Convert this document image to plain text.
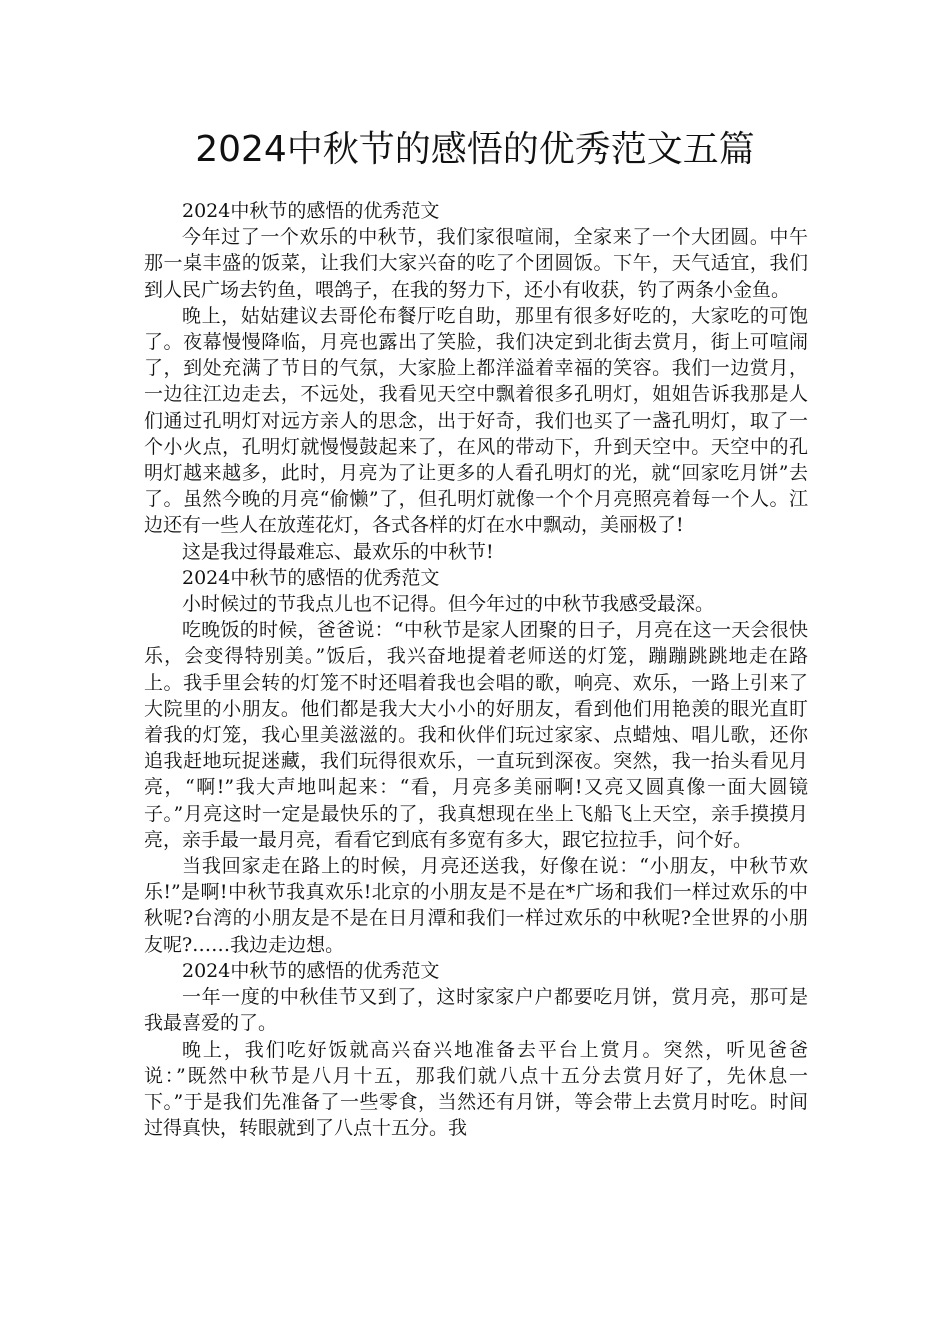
2024中秋节的感悟的优秀范文五篇

2024中秋节的感悟的优秀范文

今年过了一个欢乐的中秋节，我们家很喧闹，全家来了一个大团圆。中午那一桌丰盛的饭菜，让我们大家兴奋的吃了个团圆饭。下午，天气适宜，我们到人民广场去钓鱼，喂鸽子，在我的努力下，还小有收获，钓了两条小金鱼。

晚上，姑姑建议去哥伦布餐厅吃自助，那里有很多好吃的，大家吃的可饱了。夜幕慢慢降临，月亮也露出了笑脸，我们决定到北街去赏月，街上可喧闹了，到处充满了节日的气氛，大家脸上都洋溢着幸福的笑容。我们一边赏月，一边往江边走去，不远处，我看见天空中飘着很多孔明灯，姐姐告诉我那是人们通过孔明灯对远方亲人的思念，出于好奇，我们也买了一盏孔明灯，取了一个小火点，孔明灯就慢慢鼓起来了，在风的带动下，升到天空中。天空中的孔明灯越来越多，此时，月亮为了让更多的人看孔明灯的光，就“回家吃月饼”去了。虽然今晚的月亮“偷懒”了，但孔明灯就像一个个月亮照亮着每一个人。江边还有一些人在放莲花灯，各式各样的灯在水中飘动，美丽极了!

这是我过得最难忘、最欢乐的中秋节!

2024中秋节的感悟的优秀范文

小时候过的节我点儿也不记得。但今年过的中秋节我感受最深。

吃晚饭的时候，爸爸说：“中秋节是家人团聚的日子，月亮在这一天会很快乐，会变得特别美。”饭后，我兴奋地提着老师送的灯笼，蹦蹦跳跳地走在路上。我手里会转的灯笼不时还唱着我也会唱的歌，响亮、欢乐，一路上引来了大院里的小朋友。他们都是我大大小小的好朋友，看到他们用艳羡的眼光直盯着我的灯笼，我心里美滋滋的。我和伙伴们玩过家家、点蜡烛、唱儿歌，还你追我赶地玩捉迷藏，我们玩得很欢乐，一直玩到深夜。突然，我一抬头看见月亮，“啊!”我大声地叫起来：“看，月亮多美丽啊!又亮又圆真像一面大圆镜子。”月亮这时一定是最快乐的了，我真想现在坐上飞船飞上天空，亲手摸摸月亮，亲手最一最月亮，看看它到底有多宽有多大，跟它拉拉手，问个好。

当我回家走在路上的时候，月亮还送我，好像在说：“小朋友，中秋节欢乐!”是啊!中秋节我真欢乐!北京的小朋友是不是在*广场和我们一样过欢乐的中秋呢?台湾的小朋友是不是在日月潭和我们一样过欢乐的中秋呢?全世界的小朋友呢?……我边走边想。

2024中秋节的感悟的优秀范文

一年一度的中秋佳节又到了，这时家家户户都要吃月饼，赏月亮，那可是我最喜爱的了。

晚上，我们吃好饭就高兴奋兴地准备去平台上赏月。突然，听见爸爸说：”既然中秋节是八月十五，那我们就八点十五分去赏月好了，先休息一下。”于是我们先准备了一些零食，当然还有月饼，等会带上去赏月时吃。时间过得真快，转眼就到了八点十五分。我
